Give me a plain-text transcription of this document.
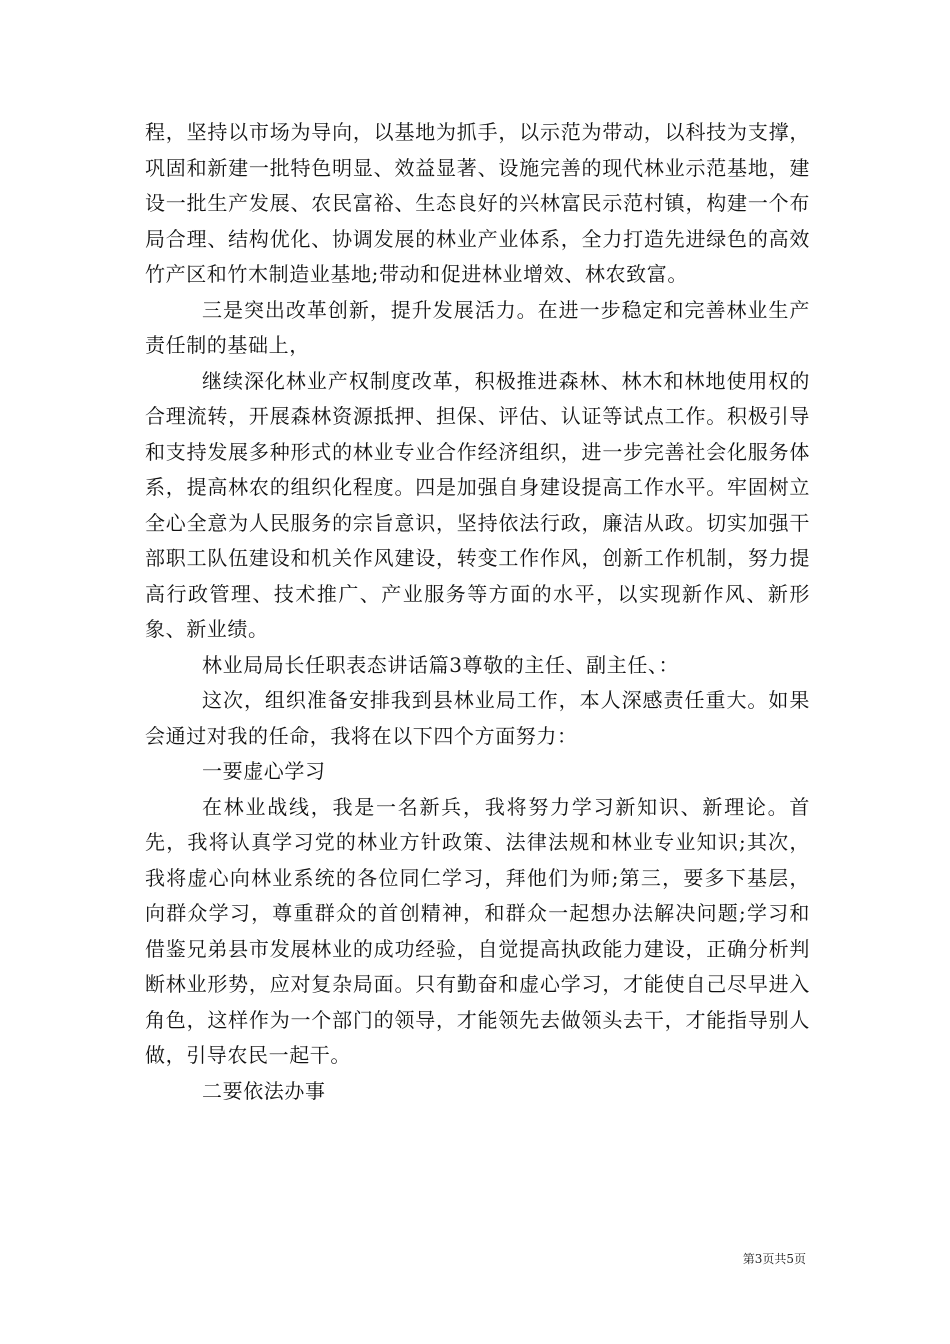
程，坚持以市场为导向，以基地为抓手，以示范为带动，以科技为支撑，巩固和新建一批特色明显、效益显著、设施完善的现代林业示范基地，建设一批生产发展、农民富裕、生态良好的兴林富民示范村镇，构建一个布局合理、结构优化、协调发展的林业产业体系，全力打造先进绿色的高效竹产区和竹木制造业基地;带动和促进林业增效、林农致富。

三是突出改革创新，提升发展活力。在进一步稳定和完善林业生产责任制的基础上，

继续深化林业产权制度改革，积极推进森林、林木和林地使用权的合理流转，开展森林资源抵押、担保、评估、认证等试点工作。积极引导和支持发展多种形式的林业专业合作经济组织，进一步完善社会化服务体系，提高林农的组织化程度。四是加强自身建设提高工作水平。牢固树立全心全意为人民服务的宗旨意识，坚持依法行政，廉洁从政。切实加强干部职工队伍建设和机关作风建设，转变工作作风，创新工作机制，努力提高行政管理、技术推广、产业服务等方面的水平，以实现新作风、新形象、新业绩。

林业局局长任职表态讲话篇3尊敬的主任、副主任、：

这次，组织准备安排我到县林业局工作，本人深感责任重大。如果会通过对我的任命，我将在以下四个方面努力：

一要虚心学习

在林业战线，我是一名新兵，我将努力学习新知识、新理论。首先，我将认真学习党的林业方针政策、法律法规和林业专业知识;其次，我将虚心向林业系统的各位同仁学习，拜他们为师;第三，要多下基层，向群众学习，尊重群众的首创精神，和群众一起想办法解决问题;学习和借鉴兄弟县市发展林业的成功经验，自觉提高执政能力建设，正确分析判断林业形势，应对复杂局面。只有勤奋和虚心学习，才能使自己尽早进入角色，这样作为一个部门的领导，才能领先去做领头去干，才能指导别人做，引导农民一起干。

二要依法办事

第3页共5页
